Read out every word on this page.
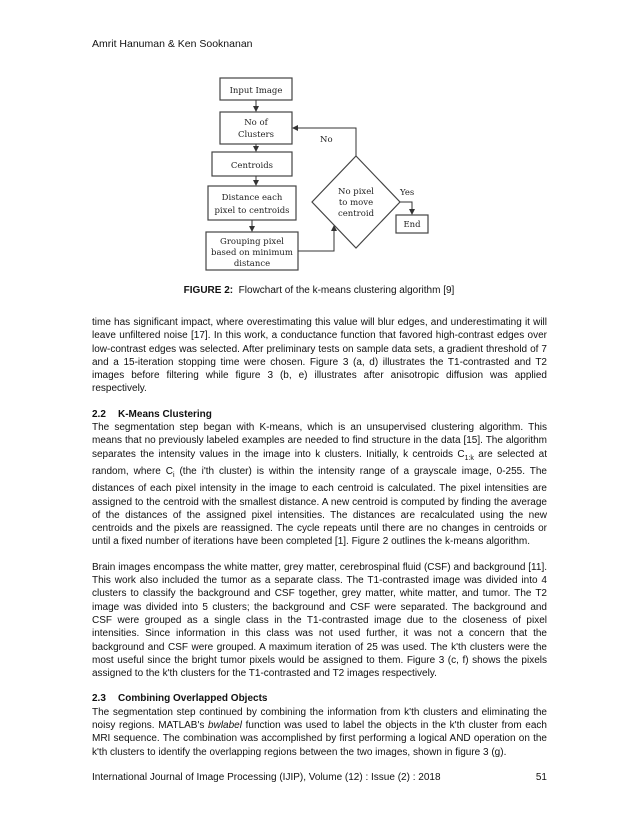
Amrit Hanuman & Ken Sooknanan
Input Image
No of
Clusters
Centroids
Distance each
pixel to centroids
Grouping pixel
based on minimum
distance
No pixel
to move
centroid
End
No
Yes
FIGURE 2: Flowchart of the k-means clustering algorithm [9]

time has significant impact, where overestimating this value will blur edges, and underestimating it will leave unfiltered noise [17]. In this work, a conductance function that favored high-contrast edges over low-contrast edges was selected. After preliminary tests on sample data sets, a gradient threshold of 7 and a 15-iteration stopping time were chosen. Figure 3 (a, d) illustrates the T1-contrasted and T2 images before filtering while figure 3 (b, e) illustrates after anisotropic diffusion was applied respectively.

2.2 K-Means Clustering

The segmentation step began with K-means, which is an unsupervised clustering algorithm. This means that no previously labeled examples are needed to find structure in the data [15]. The algorithm separates the intensity values in the image into k clusters. Initially, k centroids $C_{1:k}$ are selected at random, where $C_i$ (the i'th cluster) is within the intensity range of a grayscale image, 0-255. The distances of each pixel intensity in the image to each centroid is calculated. The pixel intensities are assigned to the centroid with the smallest distance. A new centroid is computed by finding the average of the distances of the assigned pixel intensities. The distances are recalculated using the new centroids and the pixels are reassigned. The cycle repeats until there are no changes in centroids or until a fixed number of iterations have been completed [1]. Figure 2 outlines the k-means algorithm.

Brain images encompass the white matter, grey matter, cerebrospinal fluid (CSF) and background [11]. This work also included the tumor as a separate class. The T1-contrasted image was divided into 4 clusters to classify the background and CSF together, grey matter, white matter, and tumor. The T2 image was divided into 5 clusters; the background and CSF were separated. The background and CSF were grouped as a single class in the T1-contrasted image due to the closeness of pixel intensities. Since information in this class was not used further, it was not a concern that the background and CSF were grouped. A maximum iteration of 25 was used. The k'th clusters were the most useful since the bright tumor pixels would be assigned to them. Figure 3 (c, f) shows the pixels assigned to the k'th clusters for the T1-contrasted and T2 images respectively.

2.3 Combining Overlapped Objects

The segmentation step continued by combining the information from k'th clusters and eliminating the noisy regions. MATLAB's bwlabel function was used to label the objects in the k'th cluster from each MRI sequence. The combination was accomplished by first performing a logical AND operation on the k'th clusters to identify the overlapping regions between the two images, shown in figure 3 (g).

International Journal of Image Processing (IJIP), Volume (12) : Issue (2) : 2018	51
